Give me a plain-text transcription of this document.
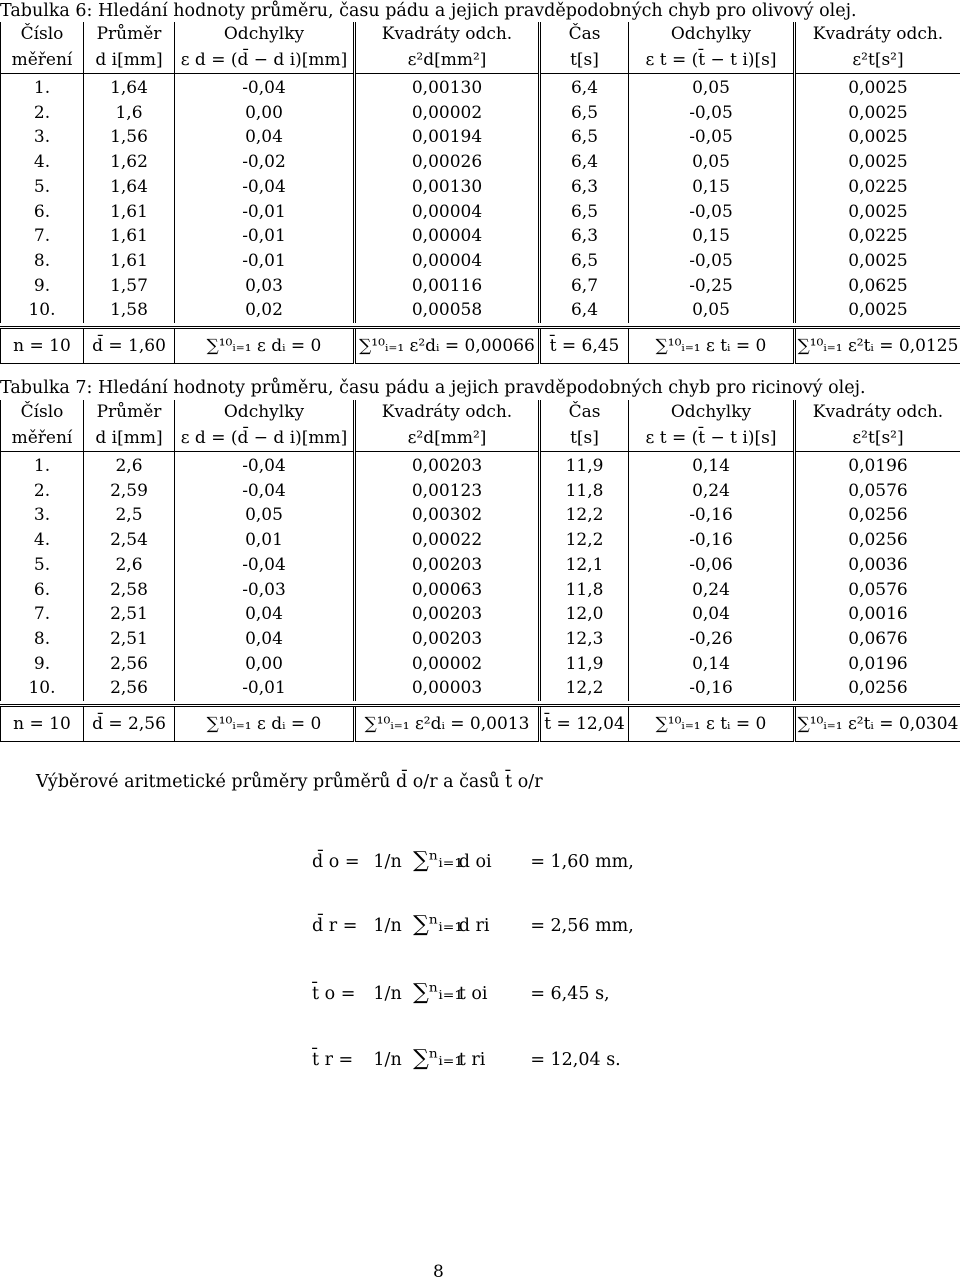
Tabulka 6: Hledání hodnoty průměru, času pádu a jejich pravděpodobných chyb pro olivový olej.
Číslo	Průměr	Odchylky	Kvadráty odch.	Čas	Odchylky	Kvadráty odch.
měření	d i[mm]	ε d = (d̄ − d i)[mm]	ε²d[mm²]	t[s]	ε t = (t̄ − t i)[s]	ε²t[s²]
1.	1,64	-0,04	0,00130	6,4	0,05	0,0025
2.	1,6	0,00	0,00002	6,5	-0,05	0,0025
3.	1,56	0,04	0,00194	6,5	-0,05	0,0025
4.	1,62	-0,02	0,00026	6,4	0,05	0,0025
5.	1,64	-0,04	0,00130	6,3	0,15	0,0225
6.	1,61	-0,01	0,00004	6,5	-0,05	0,0025
7.	1,61	-0,01	0,00004	6,3	0,15	0,0225
8.	1,61	-0,01	0,00004	6,5	-0,05	0,0025
9.	1,57	0,03	0,00116	6,7	-0,25	0,0625
10.	1,58	0,02	0,00058	6,4	0,05	0,0025

n = 10	d̄ = 1,60	∑¹⁰ᵢ₌₁ ε dᵢ = 0	∑¹⁰ᵢ₌₁ ε²dᵢ = 0,00066	t̄ = 6,45	∑¹⁰ᵢ₌₁ ε tᵢ = 0	∑¹⁰ᵢ₌₁ ε²tᵢ = 0,0125
Tabulka 7: Hledání hodnoty průměru, času pádu a jejich pravděpodobných chyb pro ricinový olej.
Číslo	Průměr	Odchylky	Kvadráty odch.	Čas	Odchylky	Kvadráty odch.
měření	d i[mm]	ε d = (d̄ − d i)[mm]	ε²d[mm²]	t[s]	ε t = (t̄ − t i)[s]	ε²t[s²]
1.	2,6	-0,04	0,00203	11,9	0,14	0,0196
2.	2,59	-0,04	0,00123	11,8	0,24	0,0576
3.	2,5	0,05	0,00302	12,2	-0,16	0,0256
4.	2,54	0,01	0,00022	12,2	-0,16	0,0256
5.	2,6	-0,04	0,00203	12,1	-0,06	0,0036
6.	2,58	-0,03	0,00063	11,8	0,24	0,0576
7.	2,51	0,04	0,00203	12,0	0,04	0,0016
8.	2,51	0,04	0,00203	12,3	-0,26	0,0676
9.	2,56	0,00	0,00002	11,9	0,14	0,0196
10.	2,56	-0,01	0,00003	12,2	-0,16	0,0256

n = 10	d̄ = 2,56	∑¹⁰ᵢ₌₁ ε dᵢ = 0	∑¹⁰ᵢ₌₁ ε²dᵢ = 0,0013	t̄ = 12,04	∑¹⁰ᵢ₌₁ ε tᵢ = 0	∑¹⁰ᵢ₌₁ ε²tᵢ = 0,0304
Výběrové aritmetické průměry průměrů d̄ o/r a časů t̄ o/r
d̄ o = 1/n ∑ⁿᵢ₌₁ d oi = 1,60 mm,
d̄ r = 1/n ∑ⁿᵢ₌₁ d ri = 2,56 mm,
t̄ o = 1/n ∑ⁿᵢ₌₁ t oi = 6,45 s,
t̄ r = 1/n ∑ⁿᵢ₌₁ t ri	= 12,04 s.
8
